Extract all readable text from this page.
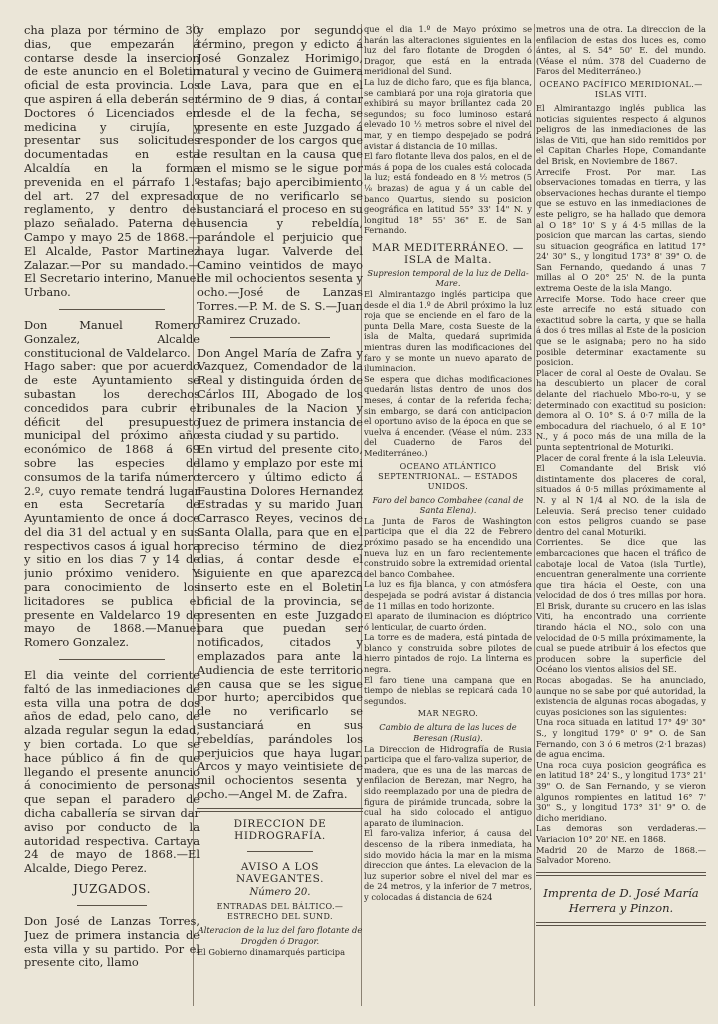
cha plaza por término de 30 dias, que empezarán á contarse desde la insercion de este anuncio en el Boletin oficial de esta provincia. Los que aspiren á ella deberán ser Doctores ó Licenciados en medicina y cirujía, y presentar sus solicitudes documentadas en esta Alcaldía en la forma prevenida en el párrafo 1.º del art. 27 del expresado reglamento, y dentro del plazo señalado. Paterna del Campo y mayo 25 de 1868.—El Alcalde, Pastor Martinez Zalazar.—Por su mandado.—El Secretario interino, Manuel Urbano.

Don Manuel Romero Gonzalez, Alcalde constitucional de Valdelarco.

Hago saber: que por acuerdo de este Ayuntamiento se subastan los derechos concedidos para cubrir el déficit del presupuesto municipal del próximo año económico de 1868 á 69 sobre las especies de consumos de la tarifa número 2.º, cuyo remate tendrá lugar en esta Secretaría de Ayuntamiento de once á doce del dia 31 del actual y en sus respectivos casos á igual hora y sitio en los dias 7 y 14 de junio próximo venidero. Y para conocimiento de los licitadores se publica el presente en Valdelarco 19 de mayo de 1868.—Manuel Romero Gonzalez.

El dia veinte del corriente faltó de las inmediaciones de esta villa una potra de dos años de edad, pelo cano, de alzada regular segun la edad, y bien cortada. Lo que se hace público á fin de que llegando el presente anuncio á conocimiento de personas que sepan el paradero de dicha caballería se sirvan dar aviso por conducto de la autoridad respectiva. Cartaya 24 de mayo de 1868.—El Alcalde, Diego Perez.

JUZGADOS.

Don José de Lanzas Torres, Juez de primera instancia de esta villa y su partido. Por el presente cito, llamo

y emplazo por segundo término, pregon y edicto á José Gonzalez Horimigo, natural y vecino de Guimera de Lava, para que en el término de 9 dias, á contar desde el de la fecha, se presente en este Juzgado á responder de los cargos que le resultan en la causa que en el mismo se le sigue por estafas; bajo apercibimiento que de no verificarlo se sustanciará el proceso en su ausencia y rebeldía, parándole el perjuicio que haya lugar. Valverde del Camino veintidos de mayo de mil ochocientos sesenta y ocho.—José de Lanzas Torres.—P. M. de S. S.—Juan Ramirez Cruzado.

Don Angel María de Zafra y Vazquez, Comendador de la Real y distinguida órden de Cárlos III, Abogado de los tribunales de la Nacion y Juez de primera instancia de esta ciudad y su partido.

En virtud del presente cito, llamo y emplazo por este mi tercero y último edicto á Faustina Dolores Hernandez Estradas y su marido Juan Carrasco Reyes, vecinos de Santa Olalla, para que en el preciso término de diez dias, á contar desde el siguiente en que aparezca inserto este en el Boletin oficial de la provincia, se presenten en este Juzgado para que puedan ser notificados, citados y emplazados para ante la Audiencia de este territorio en causa que se les sigue por hurto; apercibidos que de no verificarlo se sustanciará en sus rebeldías, parándoles los perjuicios que haya lugar. Arcos y mayo veintisiete de mil ochocientos sesenta y ocho.—Angel M. de Zafra.

DIRECCION DE HIDROGRAFÍA.
AVISO A LOS NAVEGANTES.
Número 20.
ENTRADAS DEL BÁLTICO.—ESTRECHO DEL SUND.
Alteracion de la luz del faro flotante de Drogden ó Dragor.

El Gobierno dinamarqués participa

que el dia 1.º de Mayo próximo se harán las alteraciones siguientes en la luz del faro flotante de Drogden ó Dragor, que está en la entrada meridional del Sund.

La luz de dicho faro, que es fija blanca, se cambiará por una roja giratoria que exhibirá su mayor brillantez cada 20 segundos; su foco luminoso estará elevado 10 ½ metros sobre el nivel del mar, y en tiempo despejado se podrá avistar á distancia de 10 millas.

El faro flotante lleva dos palos, en el de más á popa de los cuales está colocada la luz; está fondeado en 8 ½ metros (5 ⅛ brazas) de agua y á un cable del banco Quartus, siendo su posicion geográfica en latitud 55° 33' 14" N. y longitud 18° 55' 36" E. de San Fernando.

MAR MEDITERRÁNEO. — ISLA de Malta.
Supresion temporal de la luz de Della-Mare.

El Almirantazgo inglés participa que desde el dia 1.º de Abril próximo la luz roja que se enciende en el faro de la punta Della Mare, costa Sueste de la isla de Malta, quedará suprimida mientras duren las modificaciones del faro y se monte un nuevo aparato de iluminacion.

Se espera que dichas modificaciones quedarán listas dentro de unos dos meses, á contar de la referida fecha; sin embargo, se dará con anticipacion el oportuno aviso de la época en que se vuelva á encender. (Véase el núm. 233 del Cuaderno de Faros del Mediterráneo.)

OCEANO ATLÁNTICO SEPTENTRIONAL. — ESTADOS UNIDOS.
Faro del banco Combahee (canal de Santa Elena).

La Junta de Faros de Washington participa que el dia 22 de Febrero próximo pasado se ha encendido una nueva luz en un faro recientemente construido sobre la extremidad oriental del banco Combahee.

La luz es fija blanca, y con atmósfera despejada se podrá avistar á distancia de 11 millas en todo horizonte.

El aparato de iluminacion es dióptrico ó lenticular, de cuarto órden.

La torre es de madera, está pintada de blanco y construida sobre pilotes de hierro pintados de rojo. La linterna es negra.

El faro tiene una campana que en tiempo de nieblas se repicará cada 10 segundos.

MAR NEGRO.
Cambio de altura de las luces de Beresan (Rusia).

La Direccion de Hidrografía de Rusia participa que el faro-valiza superior, de madera, que es una de las marcas de enfilacion de Berezan, mar Negro, ha sido reemplazado por una de piedra de figura de pirámide truncada, sobre la cual ha sido colocado el antiguo aparato de iluminacion.

El faro-valiza inferior, á causa del descenso de la ribera inmediata, ha sido movido hácia la mar en la misma direccion que ántes. La elevacion de la luz superior sobre el nivel del mar es de 24 metros, y la inferior de 7 metros, y colocadas á distancia de 624

metros una de otra. La direccion de la enfilacion de estas dos luces es, como ántes, al S. 54° 50' E. del mundo. (Véase el núm. 378 del Cuaderno de Faros del Mediterráneo.)

OCEANO PACÍFICO MERIDIONAL.—ISLAS VITI.

El Almirantazgo inglés publica las noticias siguientes respecto á algunos peligros de las inmediaciones de las islas de Viti, que han sido remitidos por el Capitan Charles Hope, Comandante del Brisk, en Noviembre de 1867.

Arrecife Frost. Por mar. Las observaciones tomadas en tierra, y las observaciones hechas durante el tiempo que se estuvo en las inmediaciones de este peligro, se ha hallado que demora al O 18° 10' S y á 4·5 millas de la posicion que marcan las cartas, siendo su situacion geográfica en latitud 17° 24' 30" S., y longitud 173° 8' 39" O. de San Fernando, quedando á unas 7 millas al O 20° 25' N. de la punta extrema Oeste de la isla Mango.

Arrecife Morse. Todo hace creer que este arrecife no está situado con exactitud sobre la carta, y que se halla á dos ó tres millas al Este de la posicion que se le asignaba; pero no ha sido posible determinar exactamente su posicion.

Placer de coral al Oeste de Ovalau. Se ha descubierto un placer de coral delante del riachuelo Mbo-ro-u, y se determinado con exactitud su posicion: demora al O. 10° S. á 0·7 milla de la embocadura del riachuelo, ó al E 10° N., y á poco más de una milla de la punta septentrional de Moturiki.

Placer de coral frente á la isla Leleuvia. El Comandante del Brisk vió distintamente dos placeres de coral, situados á 0·5 millas próximamente al N. y al N 1/4 al NO. de la isla de Leleuvia. Será preciso tener cuidado con estos peligros cuando se pase dentro del canal Moturiki.

Corrientes. Se dice que las embarcaciones que hacen el tráfico de cabotaje local de Vatoa (isla Turtle), encuentran generalmente una corriente que tira hácia el Oeste, con una velocidad de dos ó tres millas por hora. El Brisk, durante su crucero en las islas Viti, ha encontrado una corriente tirando hácia el NO., solo con una velocidad de 0·5 milla próximamente, la cual se puede atribuir á los efectos que producen sobre la superficie del Océano los vientos alisios del SE.

Rocas abogadas. Se ha anunciado, aunque no se sabe por qué autoridad, la existencia de algunas rocas abogadas, y cuyas posiciones son las siguientes:

Una roca situada en latitud 17° 49' 30" S., y longitud 179° 0' 9" O. de San Fernando, con 3 ó 6 metros (2·1 brazas) de agua encima.

Una roca cuya posicion geográfica es en latitud 18° 24' S., y longitud 173° 21' 39" O. de San Fernando, y se vieron algunos rompientes en latitud 16° 7' 30" S., y longitud 173° 31' 9" O. de dicho meridiano.

Las demoras son verdaderas.—Variacion 10° 20' NE. en 1868.

Madrid 20 de Marzo de 1868.—Salvador Moreno.

Imprenta de D. José María Herrera y Pinzon.
